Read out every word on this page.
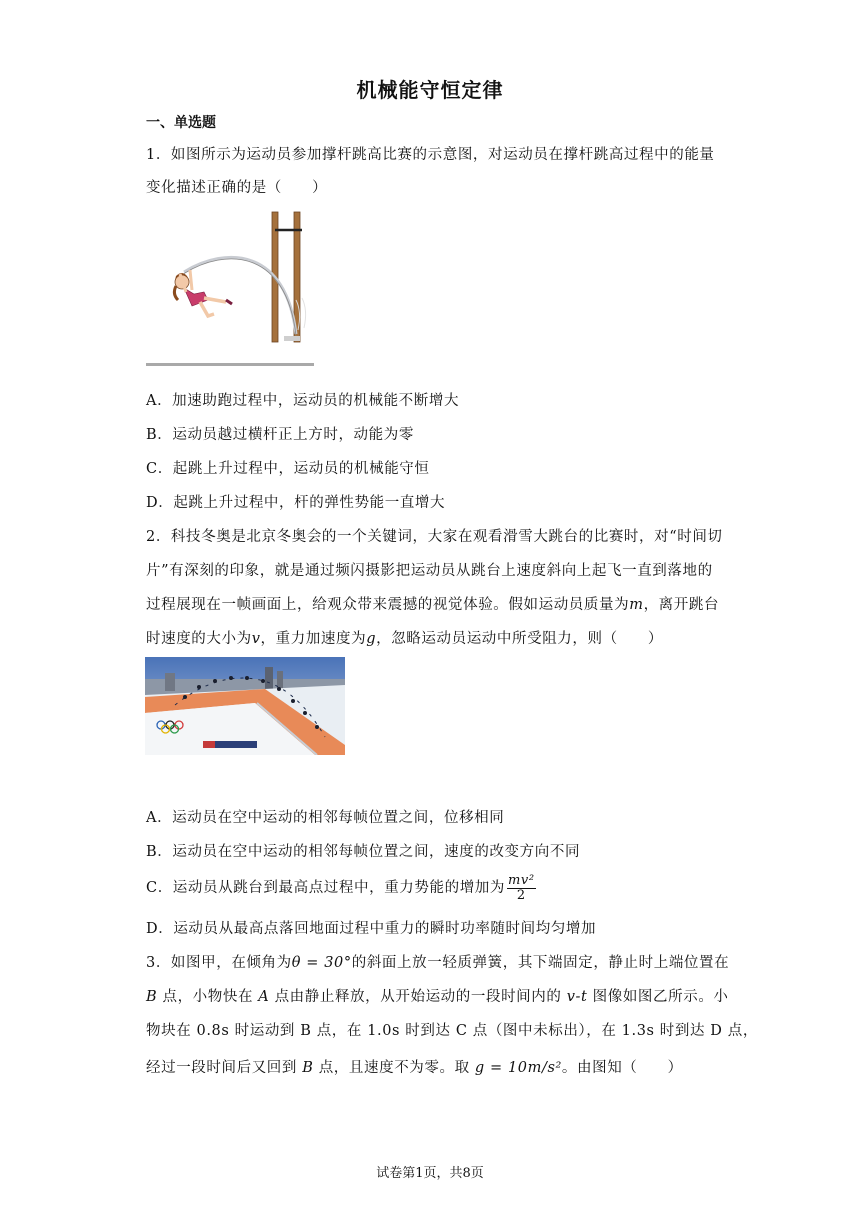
机械能守恒定律
一、单选题
1．如图所示为运动员参加撑杆跳高比赛的示意图，对运动员在撑杆跳高过程中的能量
变化描述正确的是（　　）
A．加速助跑过程中，运动员的机械能不断增大
B．运动员越过横杆正上方时，动能为零
C．起跳上升过程中，运动员的机械能守恒
D．起跳上升过程中，杆的弹性势能一直增大
2．科技冬奥是北京冬奥会的一个关键词，大家在观看滑雪大跳台的比赛时，对“时间切
片”有深刻的印象，就是通过频闪摄影把运动员从跳台上速度斜向上起飞一直到落地的
过程展现在一帧画面上，给观众带来震撼的视觉体验。假如运动员质量为m，离开跳台
时速度的大小为v，重力加速度为g，忽略运动员运动中所受阻力，则（　　）
A．运动员在空中运动的相邻每帧位置之间，位移相同
B．运动员在空中运动的相邻每帧位置之间，速度的改变方向不同
C．运动员从跳台到最高点过程中，重力势能的增加为 $\frac{\text{mv²}}{2}$
D．运动员从最高点落回地面过程中重力的瞬时功率随时间均匀增加
3．如图甲，在倾角为θ = 30°的斜面上放一轻质弹簧，其下端固定，静止时上端位置在
B 点，小物快在 A 点由静止释放，从开始运动的一段时间内的 v-t 图像如图乙所示。小
物块在 0.8s 时运动到 B 点，在 1.0s 时到达 C 点（图中未标出），在 1.3s 时到达 D 点，
经过一段时间后又回到 B 点，且速度不为零。取 g = 10m/s²。由图知（　　）
试卷第1页，共8页
